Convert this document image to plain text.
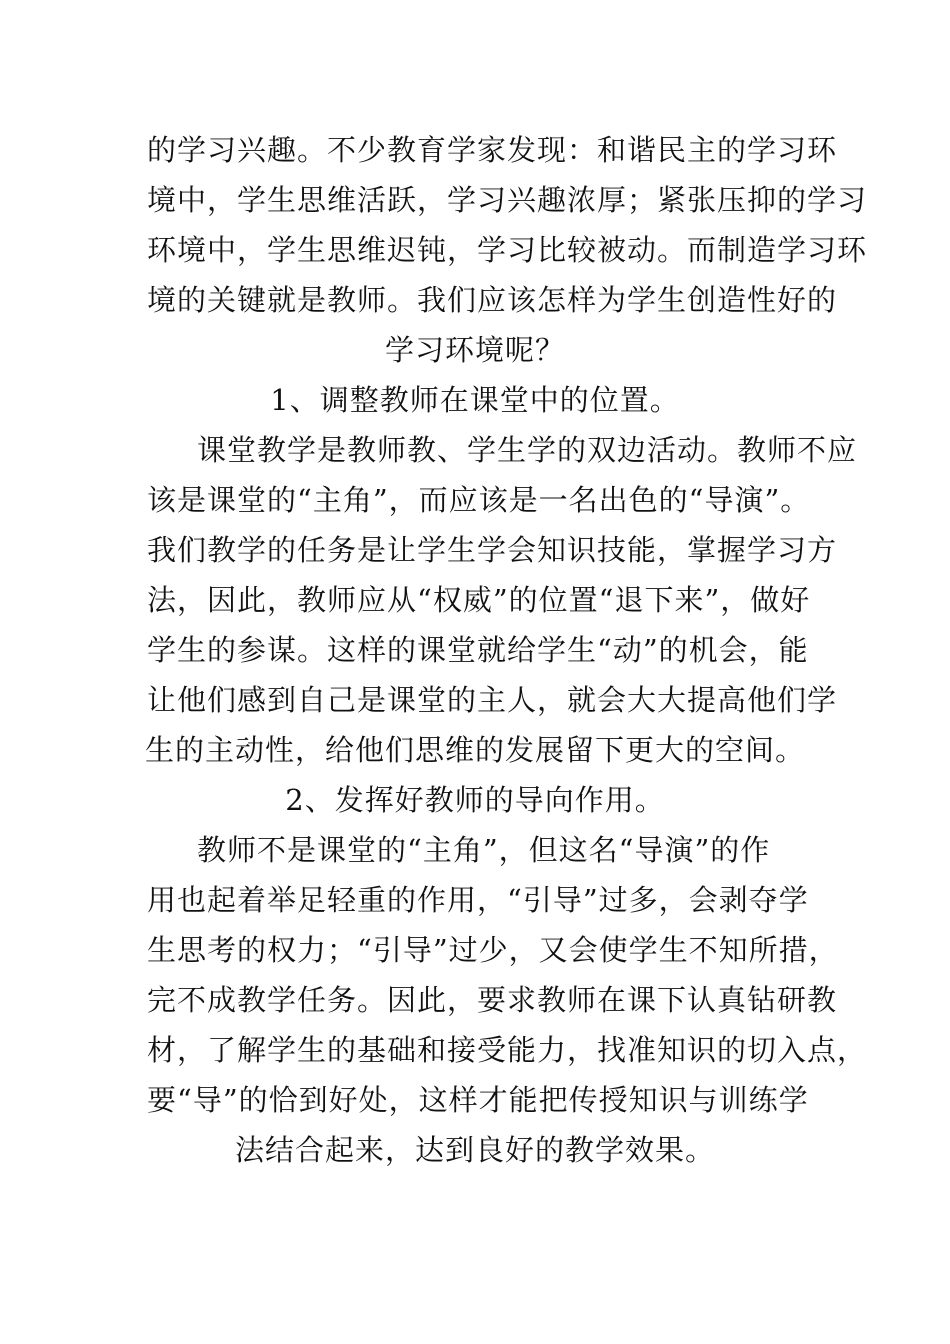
的学习兴趣。不少教育学家发现：和谐民主的学习环
境中，学生思维活跃，学习兴趣浓厚；紧张压抑的学习
环境中，学生思维迟钝，学习比较被动。而制造学习环
境的关键就是教师。我们应该怎样为学生创造性好的
学习环境呢？
1、调整教师在课堂中的位置。
课堂教学是教师教、学生学的双边活动。教师不应
该是课堂的“主角”，而应该是一名出色的“导演”。
我们教学的任务是让学生学会知识技能，掌握学习方
法，因此，教师应从“权威”的位置“退下来”，做好
学生的参谋。这样的课堂就给学生“动”的机会，能
让他们感到自己是课堂的主人，就会大大提高他们学
生的主动性，给他们思维的发展留下更大的空间。
2、发挥好教师的导向作用。
教师不是课堂的“主角”，但这名“导演”的作
用也起着举足轻重的作用，“引导”过多，会剥夺学
生思考的权力；“引导”过少，又会使学生不知所措，
完不成教学任务。因此，要求教师在课下认真钻研教
材，了解学生的基础和接受能力，找准知识的切入点，
要“导”的恰到好处，这样才能把传授知识与训练学
法结合起来，达到良好的教学效果。
